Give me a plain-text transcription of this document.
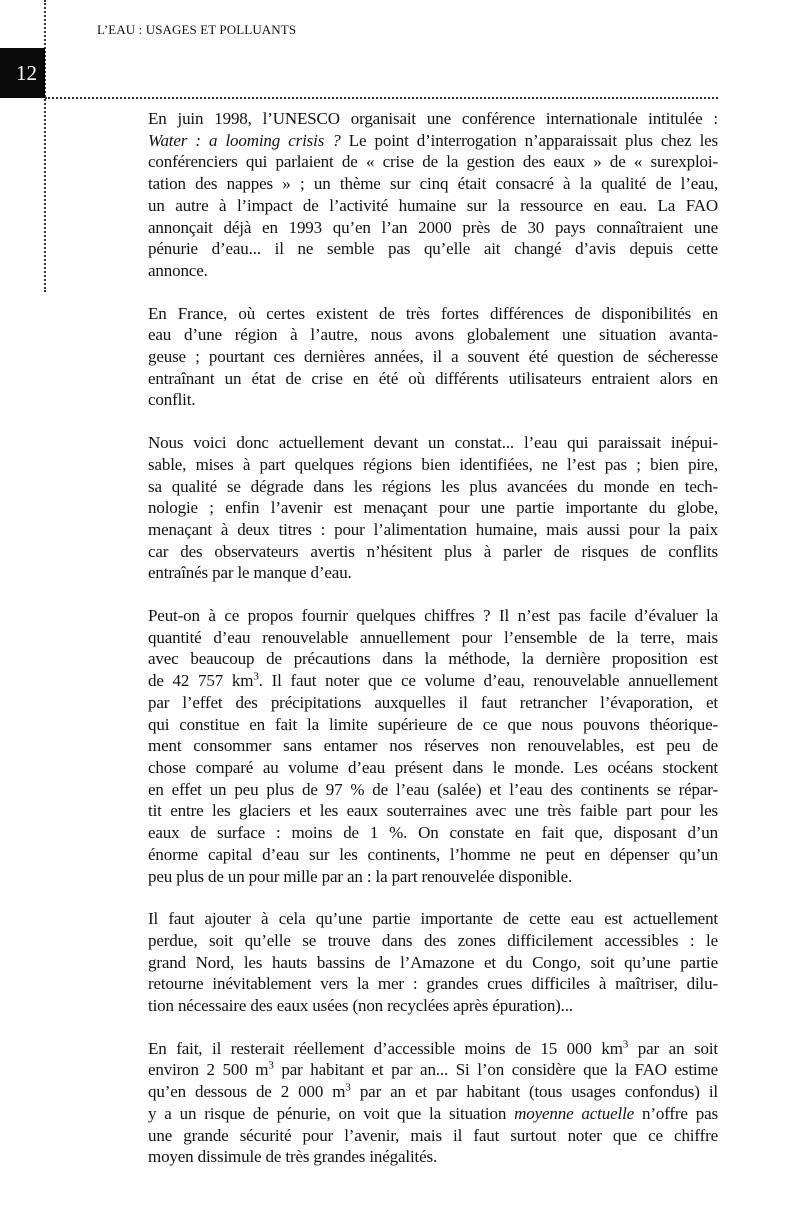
L’EAU : USAGES ET POLLUANTS
12
En juin 1998, l’UNESCO organisait une conférence internationale intitulée :
Water : a looming crisis ? Le point d’interrogation n’apparaissait plus chez les
conférenciers qui parlaient de « crise de la gestion des eaux » de « surexploi-
tation des nappes » ; un thème sur cinq était consacré à la qualité de l’eau,
un autre à l’impact de l’activité humaine sur la ressource en eau. La FAO
annonçait déjà en 1993 qu’en l’an 2000 près de 30 pays connaîtraient une
pénurie d’eau... il ne semble pas qu’elle ait changé d’avis depuis cette
annonce.
En France, où certes existent de très fortes différences de disponibilités en
eau d’une région à l’autre, nous avons globalement une situation avanta-
geuse ; pourtant ces dernières années, il a souvent été question de sécheresse
entraînant un état de crise en été où différents utilisateurs entraient alors en
conflit.
Nous voici donc actuellement devant un constat... l’eau qui paraissait inépui-
sable, mises à part quelques régions bien identifiées, ne l’est pas ; bien pire,
sa qualité se dégrade dans les régions les plus avancées du monde en tech-
nologie ; enfin l’avenir est menaçant pour une partie importante du globe,
menaçant à deux titres : pour l’alimentation humaine, mais aussi pour la paix
car des observateurs avertis n’hésitent plus à parler de risques de conflits
entraînés par le manque d’eau.
Peut-on à ce propos fournir quelques chiffres ? Il n’est pas facile d’évaluer la
quantité d’eau renouvelable annuellement pour l’ensemble de la terre, mais
avec beaucoup de précautions dans la méthode, la dernière proposition est
de 42 757 $km^3$. Il faut noter que ce volume d’eau, renouvelable annuellement
par l’effet des précipitations auxquelles il faut retrancher l’évaporation, et
qui constitue en fait la limite supérieure de ce que nous pouvons théorique-
ment consommer sans entamer nos réserves non renouvelables, est peu de
chose comparé au volume d’eau présent dans le monde. Les océans stockent
en effet un peu plus de 97 % de l’eau (salée) et l’eau des continents se répar-
tit entre les glaciers et les eaux souterraines avec une très faible part pour les
eaux de surface : moins de 1 %. On constate en fait que, disposant d’un
énorme capital d’eau sur les continents, l’homme ne peut en dépenser qu’un
peu plus de un pour mille par an : la part renouvelée disponible.
Il faut ajouter à cela qu’une partie importante de cette eau est actuellement
perdue, soit qu’elle se trouve dans des zones difficilement accessibles : le
grand Nord, les hauts bassins de l’Amazone et du Congo, soit qu’une partie
retourne inévitablement vers la mer : grandes crues difficiles à maîtriser, dilu-
tion nécessaire des eaux usées (non recyclées après épuration)...
En fait, il resterait réellement d’accessible moins de 15 000 $km^3$ par an soit
environ 2 500 $m^3$ par habitant et par an... Si l’on considère que la FAO estime
qu’en dessous de 2 000 $m^3$ par an et par habitant (tous usages confondus) il
y a un risque de pénurie, on voit que la situation moyenne actuelle n’offre pas
une grande sécurité pour l’avenir, mais il faut surtout noter que ce chiffre
moyen dissimule de très grandes inégalités.
